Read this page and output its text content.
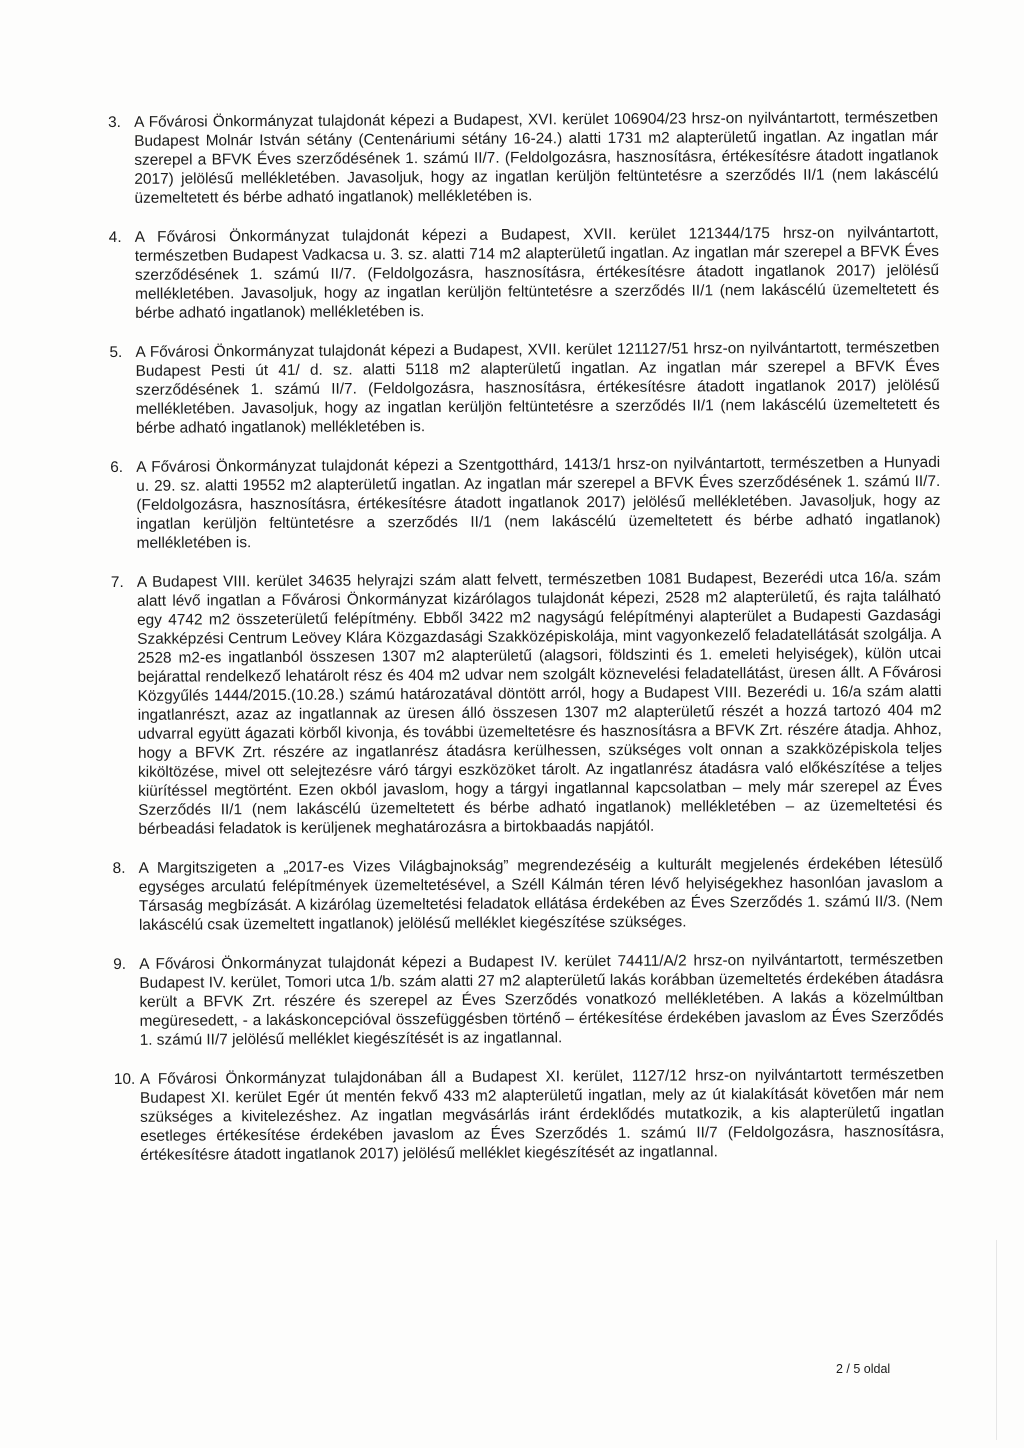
3. A Fővárosi Önkormányzat tulajdonát képezi a Budapest, XVI. kerület 106904/23 hrsz-on nyilvántartott, természetben Budapest Molnár István sétány (Centenáriumi sétány 16-24.) alatti 1731 m2 alapterületű ingatlan. Az ingatlan már szerepel a BFVK Éves szerződésének 1. számú II/7. (Feldolgozásra, hasznosításra, értékesítésre átadott ingatlanok 2017) jelölésű mellékletében. Javasoljuk, hogy az ingatlan kerüljön feltüntetésre a szerződés II/1 (nem lakáscélú üzemeltetett és bérbe adható ingatlanok) mellékletében is.
4. A Fővárosi Önkormányzat tulajdonát képezi a Budapest, XVII. kerület 121344/175 hrsz-on nyilvántartott, természetben Budapest Vadkacsa u. 3. sz. alatti 714 m2 alapterületű ingatlan. Az ingatlan már szerepel a BFVK Éves szerződésének 1. számú II/7. (Feldolgozásra, hasznosításra, értékesítésre átadott ingatlanok 2017) jelölésű mellékletében. Javasoljuk, hogy az ingatlan kerüljön feltüntetésre a szerződés II/1 (nem lakáscélú üzemeltetett és bérbe adható ingatlanok) mellékletében is.
5. A Fővárosi Önkormányzat tulajdonát képezi a Budapest, XVII. kerület 121127/51 hrsz-on nyilvántartott, természetben Budapest Pesti út 41/ d. sz. alatti 5118 m2 alapterületű ingatlan. Az ingatlan már szerepel a BFVK Éves szerződésének 1. számú II/7. (Feldolgozásra, hasznosításra, értékesítésre átadott ingatlanok 2017) jelölésű mellékletében. Javasoljuk, hogy az ingatlan kerüljön feltüntetésre a szerződés II/1 (nem lakáscélú üzemeltetett és bérbe adható ingatlanok) mellékletében is.
6. A Fővárosi Önkormányzat tulajdonát képezi a Szentgotthárd, 1413/1 hrsz-on nyilvántartott, természetben a Hunyadi u. 29. sz. alatti 19552 m2 alapterületű ingatlan. Az ingatlan már szerepel a BFVK Éves szerződésének 1. számú II/7. (Feldolgozásra, hasznosításra, értékesítésre átadott ingatlanok 2017) jelölésű mellékletében. Javasoljuk, hogy az ingatlan kerüljön feltüntetésre a szerződés II/1 (nem lakáscélú üzemeltetett és bérbe adható ingatlanok) mellékletében is.
7. A Budapest VIII. kerület 34635 helyrajzi szám alatt felvett, természetben 1081 Budapest, Bezerédi utca 16/a. szám alatt lévő ingatlan a Fővárosi Önkormányzat kizárólagos tulajdonát képezi, 2528 m2 alapterületű, és rajta található egy 4742 m2 összeterületű felépítmény. Ebből 3422 m2 nagyságú felépítményi alapterület a Budapesti Gazdasági Szakképzési Centrum Leövey Klára Közgazdasági Szakközépiskolája, mint vagyonkezelő feladatellátását szolgálja. A 2528 m2-es ingatlanból összesen 1307 m2 alapterületű (alagsori, földszinti és 1. emeleti helyiségek), külön utcai bejárattal rendelkező lehatárolt rész és 404 m2 udvar nem szolgált köznevelési feladatellátást, üresen állt. A Fővárosi Közgyűlés 1444/2015.(10.28.) számú határozatával döntött arról, hogy a Budapest VIII. Bezerédi u. 16/a szám alatti ingatlanrészt, azaz az ingatlannak az üresen álló összesen 1307 m2 alapterületű részét a hozzá tartozó 404 m2 udvarral együtt ágazati körből kivonja, és további üzemeltetésre és hasznosításra a BFVK Zrt. részére átadja. Ahhoz, hogy a BFVK Zrt. részére az ingatlanrész átadásra kerülhessen, szükséges volt onnan a szakközépiskola teljes kiköltözése, mivel ott selejtezésre váró tárgyi eszközöket tárolt. Az ingatlanrész átadásra való előkészítése a teljes kiürítéssel megtörtént. Ezen okból javaslom, hogy a tárgyi ingatlannal kapcsolatban – mely már szerepel az Éves Szerződés II/1 (nem lakáscélú üzemeltetett és bérbe adható ingatlanok) mellékletében – az üzemeltetési és bérbeadási feladatok is kerüljenek meghatározásra a birtokbaadás napjától.
8. A Margitszigeten a „2017-es Vizes Világbajnokság” megrendezéséig a kulturált megjelenés érdekében létesülő egységes arculatú felépítmények üzemeltetésével, a Széll Kálmán téren lévő helyiségekhez hasonlóan javaslom a Társaság megbízását. A kizárólag üzemeltetési feladatok ellátása érdekében az Éves Szerződés 1. számú II/3. (Nem lakáscélú csak üzemeltett ingatlanok) jelölésű melléklet kiegészítése szükséges.
9. A Fővárosi Önkormányzat tulajdonát képezi a Budapest IV. kerület 74411/A/2 hrsz-on nyilvántartott, természetben Budapest IV. kerület, Tomori utca 1/b. szám alatti 27 m2 alapterületű lakás korábban üzemeltetés érdekében átadásra került a BFVK Zrt. részére és szerepel az Éves Szerződés vonatkozó mellékletében. A lakás a közelmúltban megüresedett, - a lakáskoncepcióval összefüggésben történő – értékesítése érdekében javaslom az Éves Szerződés 1. számú II/7 jelölésű melléklet kiegészítését is az ingatlannal.
10. A Fővárosi Önkormányzat tulajdonában áll a Budapest XI. kerület, 1127/12 hrsz-on nyilvántartott természetben Budapest XI. kerület Egér út mentén fekvő 433 m2 alapterületű ingatlan, mely az út kialakítását követően már nem szükséges a kivitelezéshez. Az ingatlan megvásárlás iránt érdeklődés mutatkozik, a kis alapterületű ingatlan esetleges értékesítése érdekében javaslom az Éves Szerződés 1. számú II/7 (Feldolgozásra, hasznosításra, értékesítésre átadott ingatlanok 2017) jelölésű melléklet kiegészítését az ingatlannal.
2 / 5 oldal
